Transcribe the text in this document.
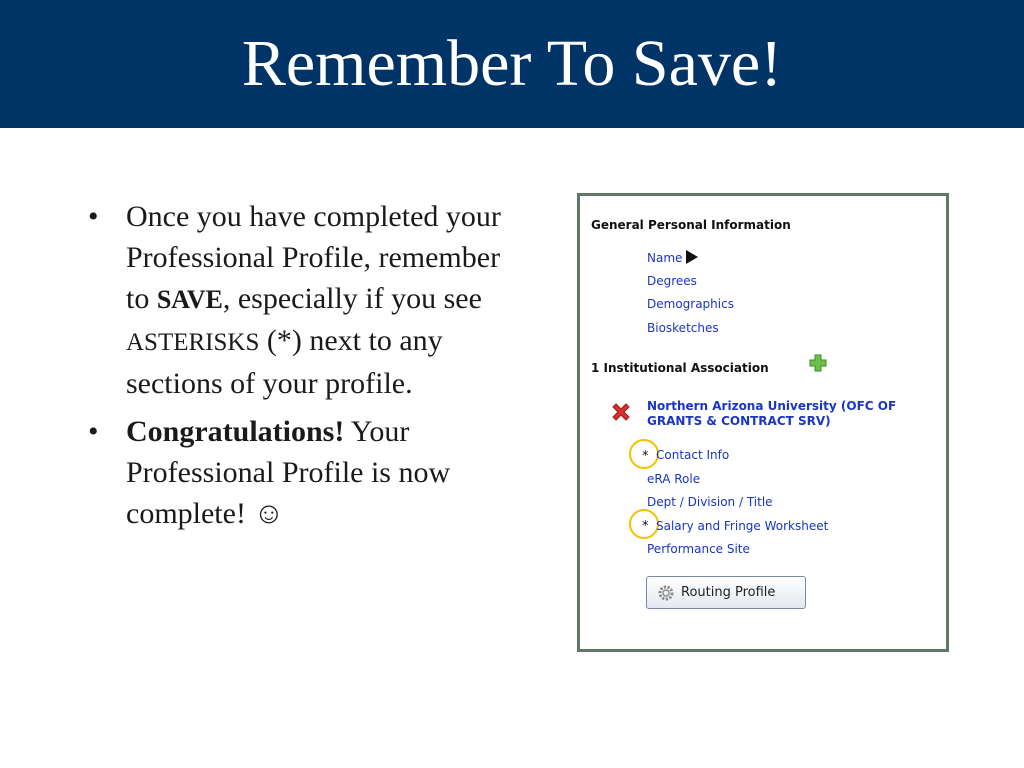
Remember To Save!
• Once you have completed your Professional Profile, remember to SAVE, especially if you see ASTERISKS (*) next to any sections of your profile.
• Congratulations! Your Professional Profile is now complete! ☺
General Personal Information
Name
Degrees
Demographics
Biosketches
1 Institutional Association
Northern Arizona University (OFC OF GRANTS & CONTRACT SRV)
* Contact Info
eRA Role
Dept / Division / Title
* Salary and Fringe Worksheet
Performance Site
Routing Profile
